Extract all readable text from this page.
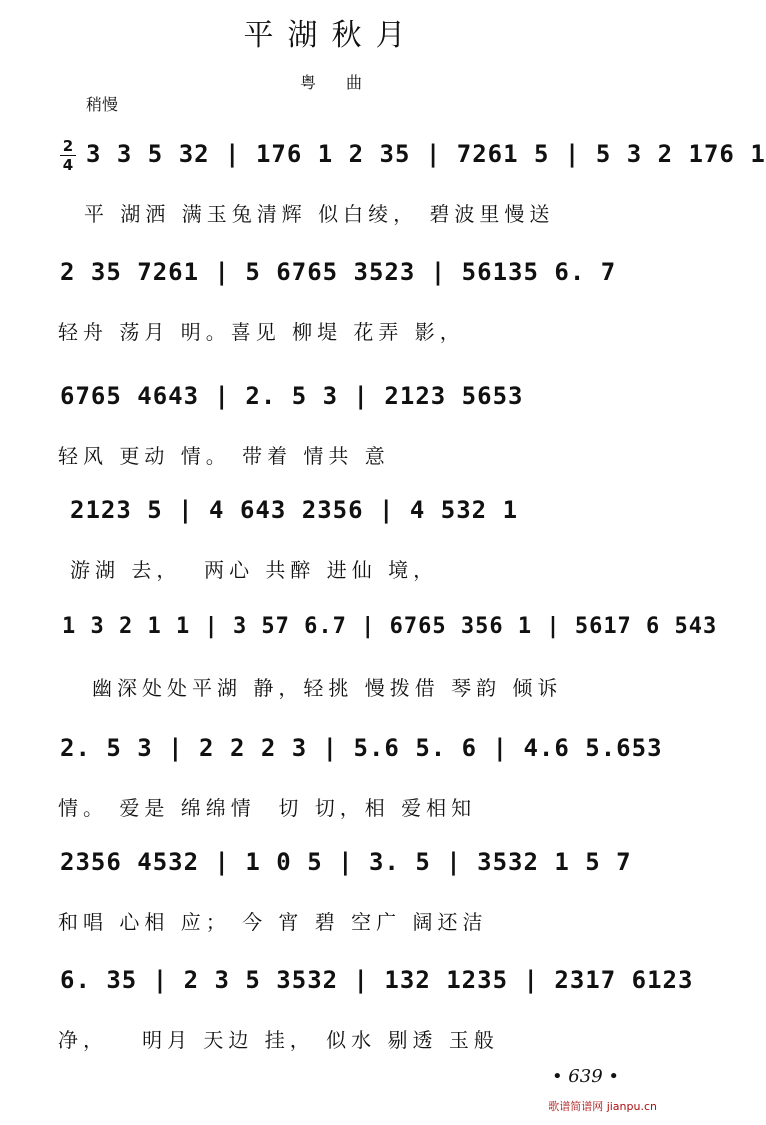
平湖秋月
粤曲
稍慢
2
4 3 3 5 32 | 176 1 2 35 | 7261 5 | 5 3 2 176 1
平 湖洒 满玉兔清辉 似白绫， 碧波里慢送
2 35 7261 | 5 6765 3523 | 56135 6. 7
轻舟 荡月 明。喜见 柳堤 花弄 影，
6765 4643 | 2. 5 3 | 2123 5653
轻风 更动 情。 带着 情共 意
2123 5 | 4 643 2356 | 4 532 1
游湖 去，  两心 共醉 进仙 境，
1 3 2 1 1 | 3 57 6.7 | 6765 356 1 | 5617 6 543
幽深处处平湖 静，轻挑 慢拨借 琴韵 倾诉
2. 5 3 | 2 2 2 3 | 5.6 5. 6 | 4.6 5.653
情。 爱是 绵绵情  切 切，相 爱相知
2356 4532 | 1 0 5 | 3. 5 | 3532 1 5 7
和唱 心相 应； 今 宵 碧 空广 阔还洁
6. 35 | 2 3 5 3532 | 132 1235 | 2317 6123
净，   明月 天边 挂， 似水 剔透 玉般
• 639 •
歌谱简谱网 jianpu.cn
